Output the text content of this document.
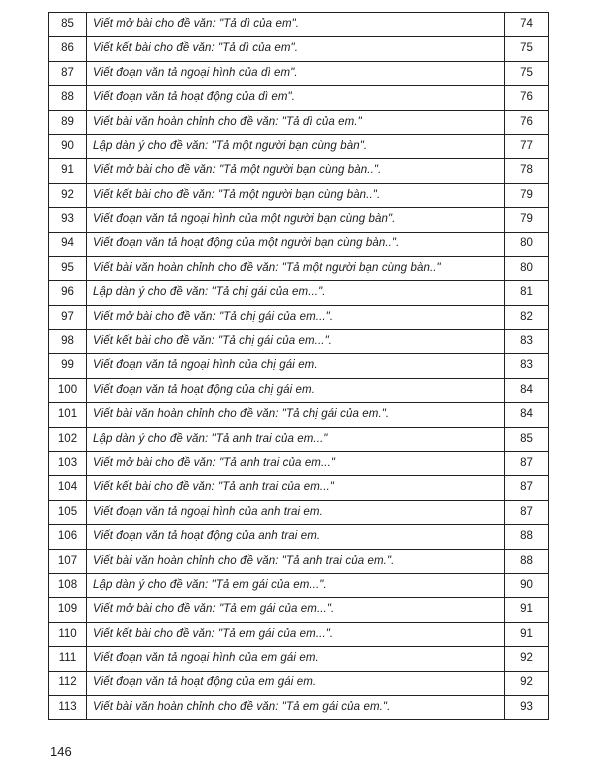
85	Viết mở bài cho đề văn: "Tả dì của em".	74
86	Viết kết bài cho đề văn: "Tả dì của em".	75
87	Viết đoạn văn tả ngoại hình của dì em".	75
88	Viết đoạn văn tả hoạt động của dì em".	76
89	Viết bài văn hoàn chỉnh cho đề văn: "Tả dì của em."	76
90	Lập dàn ý cho đề văn: "Tả một người bạn cùng bàn".	77
91	Viết mở bài cho đề văn: "Tả một người bạn cùng bàn..".	78
92	Viết kết bài cho đề văn: "Tả một người bạn cùng bàn..".	79
93	Viết đoạn văn tả ngoại hình của một người bạn cùng bàn".	79
94	Viết đoạn văn tả hoạt động của một người bạn cùng bàn..".	80
95	Viết bài văn hoàn chỉnh cho đề văn: "Tả một người bạn cùng bàn.."	80
96	Lập dàn ý cho đề văn: "Tả chị gái của em...".	81
97	Viết mở bài cho đề văn: "Tả chị gái của em...".	82
98	Viết kết bài cho đề văn: "Tả chị gái của em...".	83
99	Viết đoạn văn tả ngoại hình của chị gái em.	83
100	Viết đoạn văn tả hoạt động của chị gái em.	84
101	Viết bài văn hoàn chỉnh cho đề văn: "Tả chị gái của em.".	84
102	Lập dàn ý cho đề văn: "Tả anh trai của em..."	85
103	Viết mở bài cho đề văn: "Tả anh trai của em..."	87
104	Viết kết bài cho đề văn: "Tả anh trai của em..."	87
105	Viết đoạn văn tả ngoại hình của anh trai em.	87
106	Viết đoạn văn tả hoạt động của anh trai em.	88
107	Viết bài văn hoàn chỉnh cho đề văn: "Tả anh trai của em.".	88
108	Lập dàn ý cho đề văn: "Tả em gái của em...".	90
109	Viết mở bài cho đề văn: "Tả em gái của em...".	91
110	Viết kết bài cho đề văn: "Tả em gái của em...".	91
111	Viết đoạn văn tả ngoại hình của em gái em.	92
112	Viết đoạn văn tả hoạt động của em gái em.	92
113	Viết bài văn hoàn chỉnh cho đề văn: "Tả em gái của em.".	93
146
